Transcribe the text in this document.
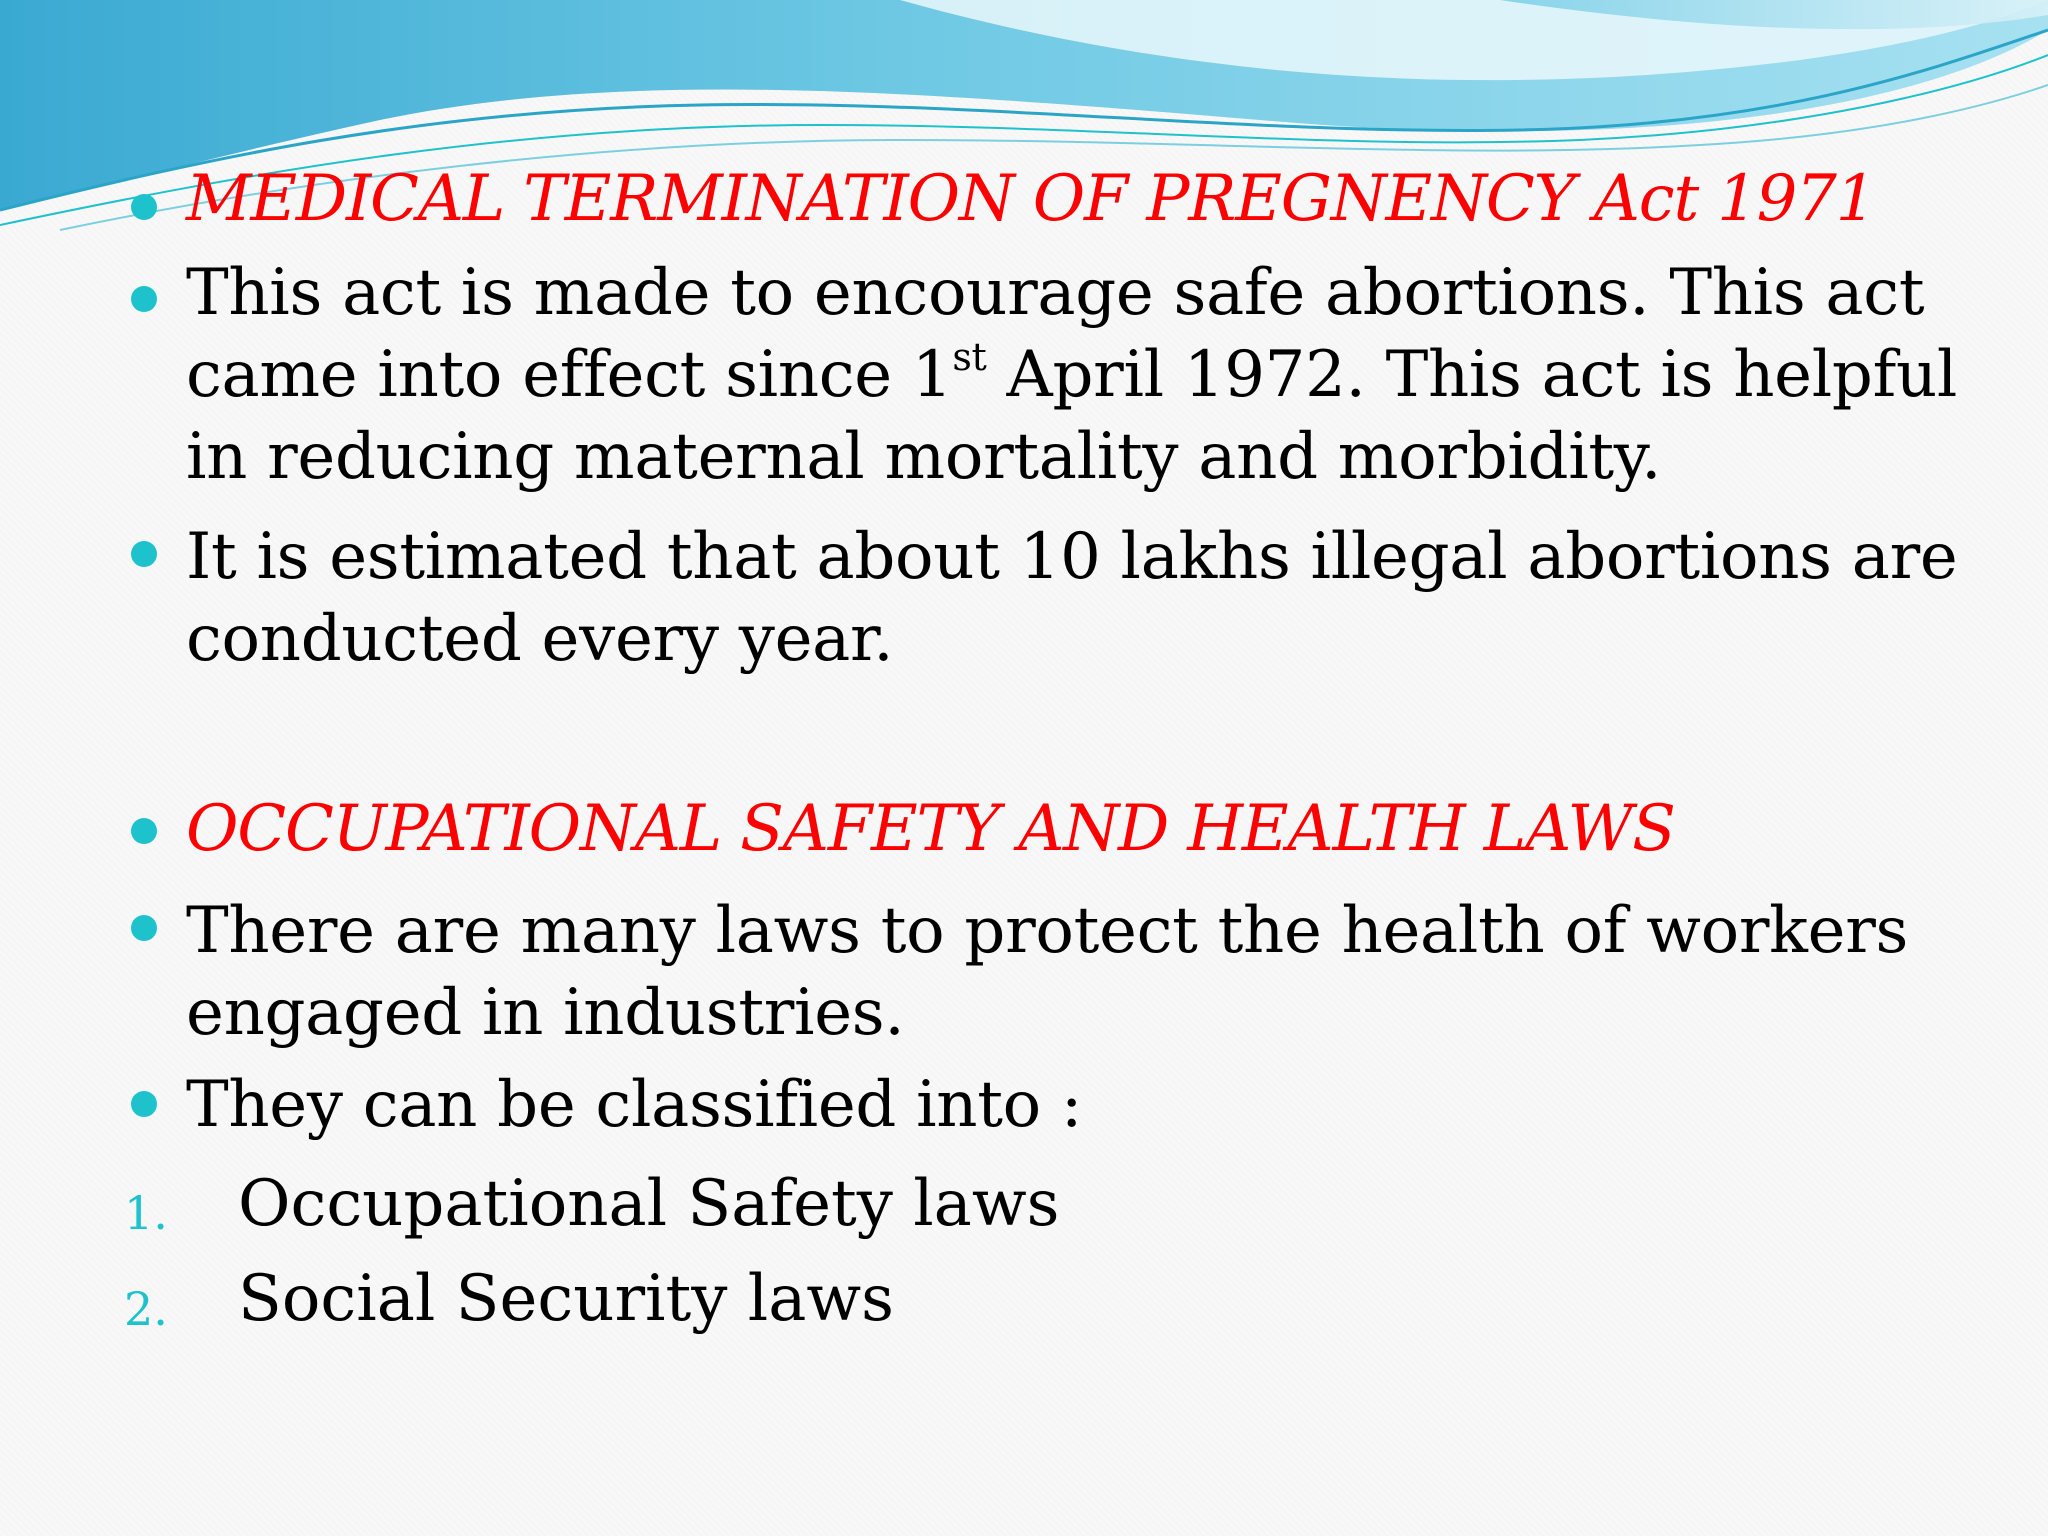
MEDICAL TERMINATION OF PREGNENCY Act 1971

This act is made to encourage safe abortions. This act came into effect since 1st April 1972. This act is helpful in reducing maternal mortality and morbidity.

It is estimated that about 10 lakhs illegal abortions are conducted every year.

OCCUPATIONAL SAFETY AND HEALTH LAWS

There are many laws to protect the health of workers engaged in industries.

They can be classified into :

1. Occupational Safety laws
2. Social Security laws
